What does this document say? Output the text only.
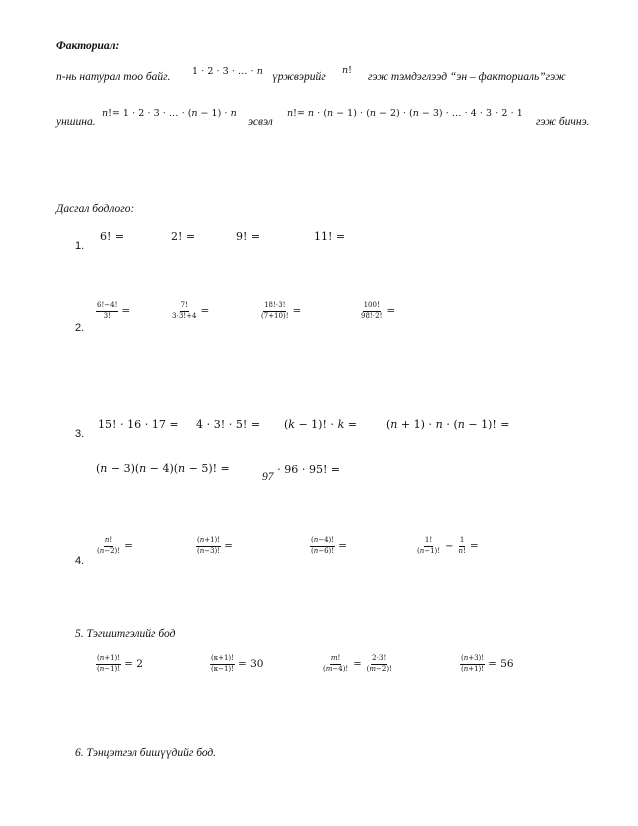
Факториал:
n-нь натурал тоо байг. 1 ⋅ 2 ⋅ 3 ⋅ … ⋅ 𝑛 үржвэрийг
𝑛!
гэж тэмдэглээд “эн – факториаль”гэж
уншина.
𝑛!= 1 ⋅ 2 ⋅ 3 ⋅ … ⋅ (𝑛 − 1) ⋅ 𝑛
эсвэл
𝑛!= 𝑛 ⋅ (𝑛 − 1) ⋅ (𝑛 − 2) ⋅ (𝑛 − 3) ⋅ … ⋅ 4 ⋅ 3 ⋅ 2 ⋅ 1
гэж бичнэ.
Дасгал бодлого:
1.
6! =	2! =	9! =	11! =
2.
$\frac{6!-4!}{3!}$ =	$\frac{7!}{3\cdot 3!+4}$ =	$\frac{18!\cdot 3!}{(7+10)!}$ =	$\frac{100!}{98!\cdot 2!}$ =
3.
15! ⋅ 16 ⋅ 17 = 4 ⋅ 3! ⋅ 5! = (𝑘 − 1)! ⋅ 𝑘 =	(𝑛 + 1) ⋅ 𝑛 ⋅ (𝑛 − 1)! =
(𝑛 − 3)(𝑛 − 4)(𝑛 − 5)! =
97
⋅ 96 ⋅ 95! =
4.
𝑛!
(𝑛−2)! =
(𝑛+1)!
(𝑛−3)! =
(𝑛−4)!
(𝑛−6)! =
1!
(𝑛−1)! −
1
𝑛! =
5. Тэгшитгэлийг бод
(𝑛+1)!
(𝑛−1)! = 2
(к+1)!
(к−1)! = 30
𝑚!
(𝑚−4)! =
2⋅3!
(𝑚−2)!
(𝑛+3)!
(𝑛+1)! = 56
6. Тэнцэтгэл бишүүдийг бод.
